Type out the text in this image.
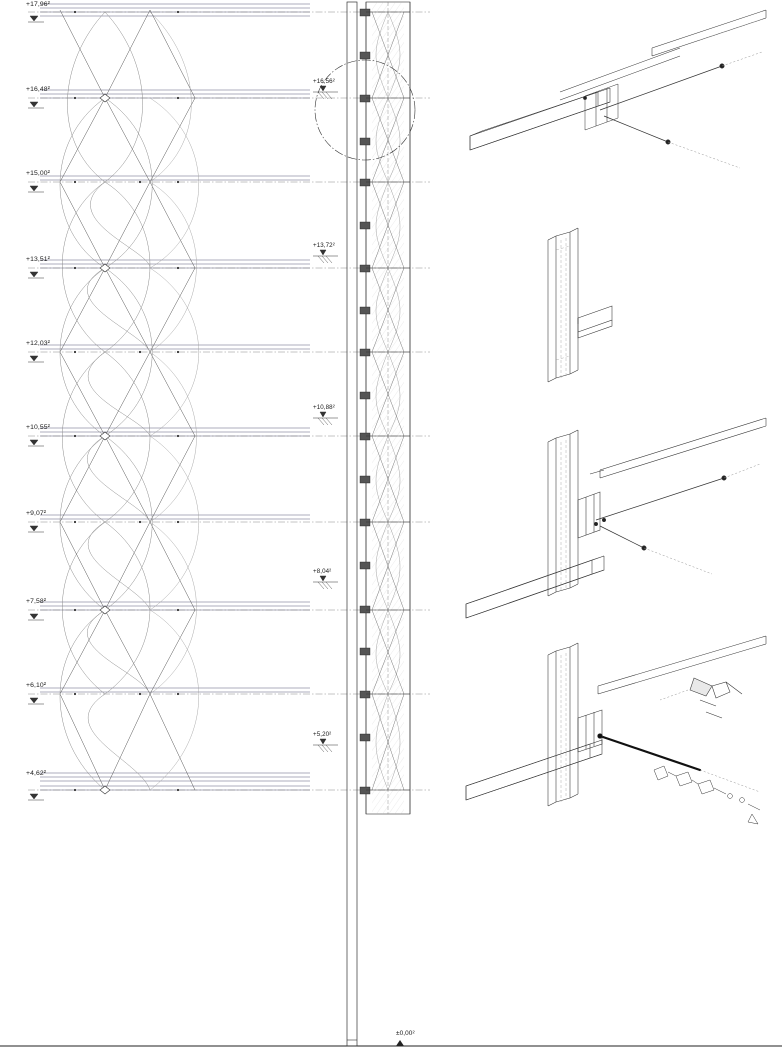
+17,96²
+16,48²
+15,00²
+13,51²
+12,03²
+10,55²
+9,07²
+7,58²
+6,10²
+4,62²
+16,56²
+13,72²
+10,88²
+8,04²
+5,20²
±0,00²
